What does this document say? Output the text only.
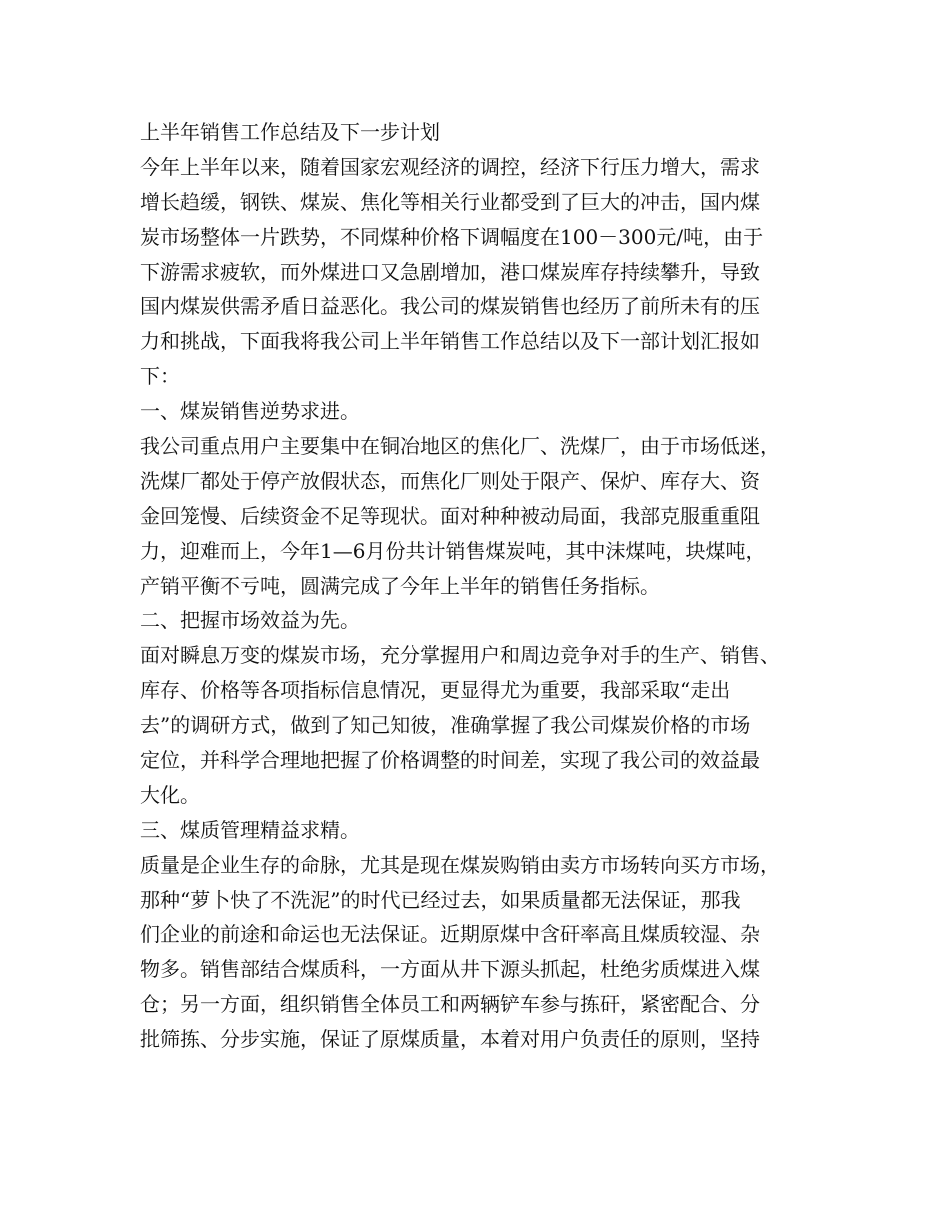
上半年销售工作总结及下一步计划

今年上半年以来，随着国家宏观经济的调控，经济下行压力增大，需求

增长趋缓，钢铁、煤炭、焦化等相关行业都受到了巨大的冲击，国内煤

炭市场整体一片跌势，不同煤种价格下调幅度在100－300元/吨，由于

下游需求疲软，而外煤进口又急剧增加，港口煤炭库存持续攀升，导致

国内煤炭供需矛盾日益恶化。我公司的煤炭销售也经历了前所未有的压

力和挑战，下面我将我公司上半年销售工作总结以及下一部计划汇报如

下：

一、煤炭销售逆势求进。

我公司重点用户主要集中在铜冶地区的焦化厂、洗煤厂，由于市场低迷，

洗煤厂都处于停产放假状态，而焦化厂则处于限产、保炉、库存大、资

金回笼慢、后续资金不足等现状。面对种种被动局面，我部克服重重阻

力，迎难而上，今年1—6月份共计销售煤炭吨，其中沫煤吨，块煤吨，

产销平衡不亏吨，圆满完成了今年上半年的销售任务指标。

二、把握市场效益为先。

面对瞬息万变的煤炭市场，充分掌握用户和周边竞争对手的生产、销售、

库存、价格等各项指标信息情况，更显得尤为重要，我部采取“走出

去”的调研方式，做到了知己知彼，准确掌握了我公司煤炭价格的市场

定位，并科学合理地把握了价格调整的时间差，实现了我公司的效益最

大化。

三、煤质管理精益求精。

质量是企业生存的命脉，尤其是现在煤炭购销由卖方市场转向买方市场，

那种“萝卜快了不洗泥”的时代已经过去，如果质量都无法保证，那我

们企业的前途和命运也无法保证。近期原煤中含矸率高且煤质较湿、杂

物多。销售部结合煤质科，一方面从井下源头抓起，杜绝劣质煤进入煤

仓；另一方面，组织销售全体员工和两辆铲车参与拣矸，紧密配合、分

批筛拣、分步实施，保证了原煤质量，本着对用户负责任的原则，坚持
